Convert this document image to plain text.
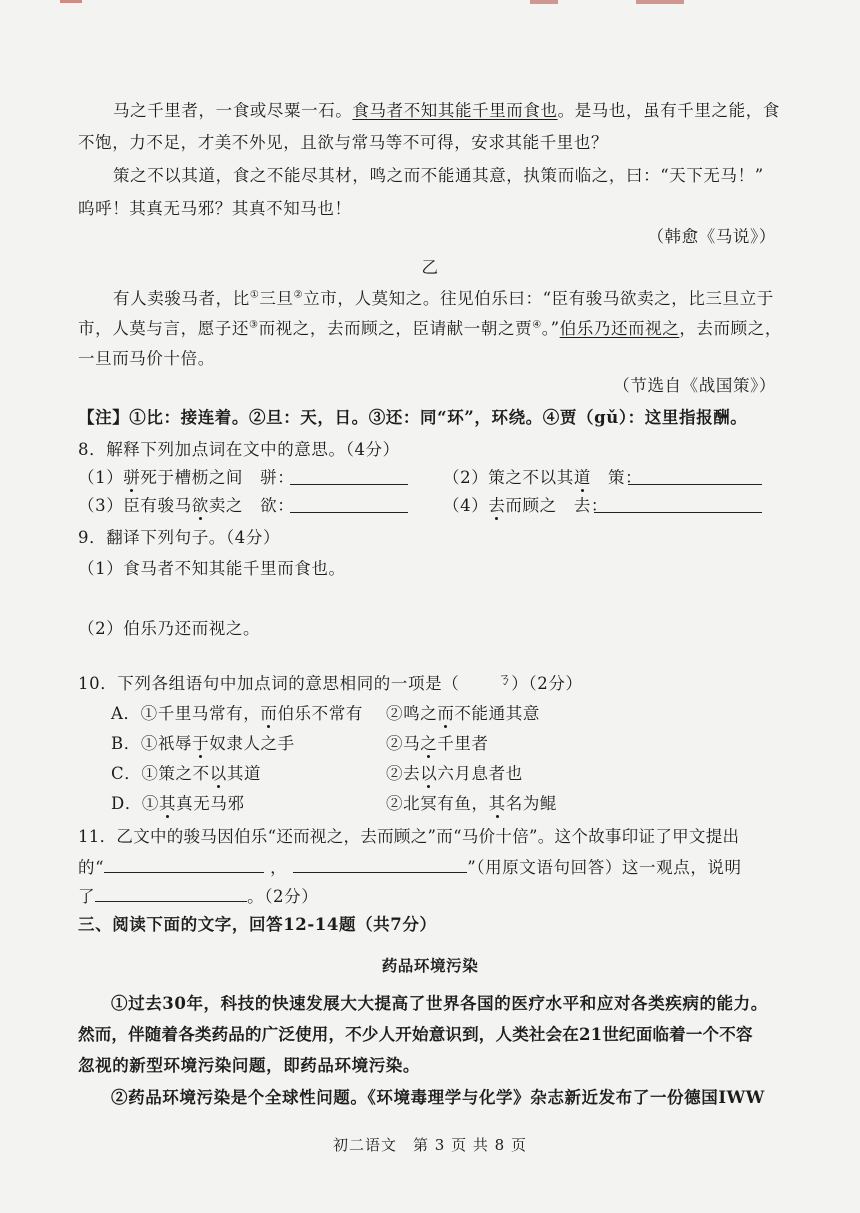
马之千里者，一食或尽粟一石。食马者不知其能千里而食也。是马也，虽有千里之能，食
不饱，力不足，才美不外见，且欲与常马等不可得，安求其能千里也？
策之不以其道，食之不能尽其材，鸣之而不能通其意，执策而临之，曰：“天下无马！”
呜呼！其真无马邪？其真不知马也！
（韩愈《马说》）
乙
有人卖骏马者，比①三旦②立市，人莫知之。往见伯乐曰：“臣有骏马欲卖之，比三旦立于
市，人莫与言，愿子还③而视之，去而顾之，臣请献一朝之贾④。”伯乐乃还而视之，去而顾之，
一旦而马价十倍。
（节选自《战国策》）
【注】①比：接连着。②旦：天，日。③还：同“环”，环绕。④贾（gǔ）：这里指报酬。
8．解释下列加点词在文中的意思。（4分）
（1）骈死于槽枥之间　骈：	（2）策之不以其道　策：
（3）臣有骏马欲卖之　欲：	（4）去而顾之　去：
9．翻译下列句子。（4分）
（1）食马者不知其能千里而食也。
（2）伯乐乃还而视之。
10．下列各组语句中加点词的意思相同的一项是（	）（2分）
ㄋ
A．①千里马常有，而伯乐不常有 ②鸣之而不能通其意
B．①祇辱于奴隶人之手	②马之千里者
C．①策之不以其道	②去以六月息者也
D．①其真无马邪	②北冥有鱼，其名为鲲
11．乙文中的骏马因伯乐“还而视之，去而顾之”而“马价十倍”。这个故事印证了甲文提出
的“	，	”（用原文语句回答）这一观点，说明
了	。（2分）
三、阅读下面的文字，回答12-14题（共7分）
药品环境污染
①过去30年，科技的快速发展大大提高了世界各国的医疗水平和应对各类疾病的能力。
然而，伴随着各类药品的广泛使用，不少人开始意识到，人类社会在21世纪面临着一个不容
忽视的新型环境污染问题，即药品环境污染。
②药品环境污染是个全球性问题。《环境毒理学与化学》杂志新近发布了一份德国IWW
初二语文　第 3 页 共 8 页
